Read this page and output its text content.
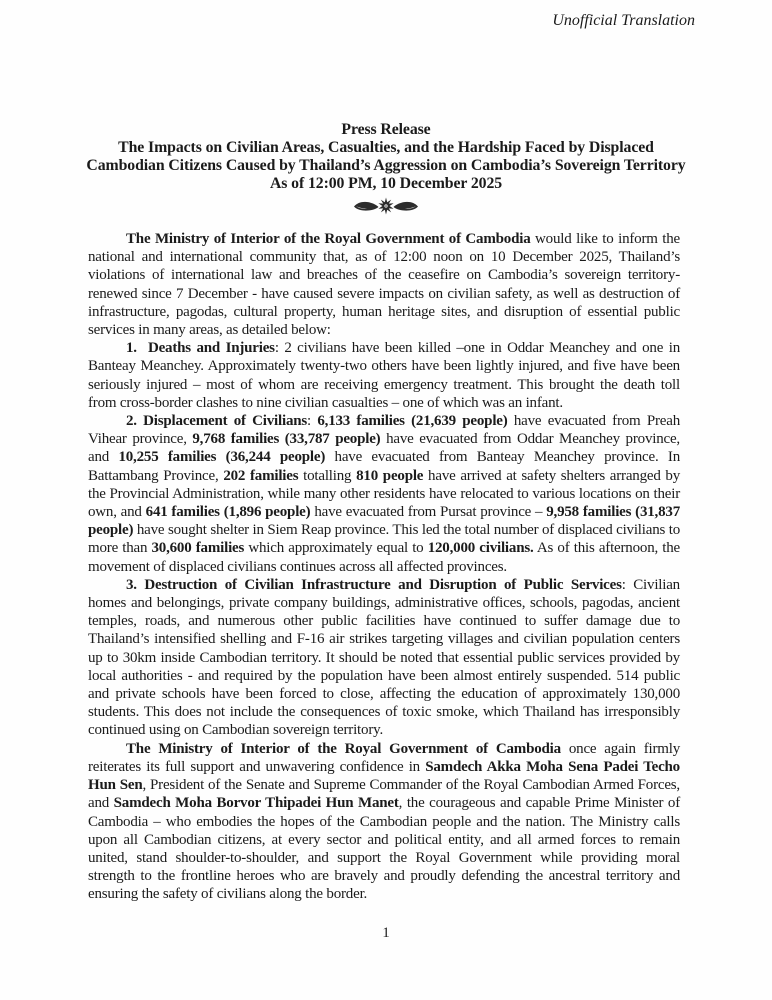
Unofficial Translation
Press Release
The Impacts on Civilian Areas, Casualties, and the Hardship Faced by Displaced
Cambodian Citizens Caused by Thailand’s Aggression on Cambodia’s Sovereign Territory
As of 12:00 PM, 10 December 2025

The Ministry of Interior of the Royal Government of Cambodia would like to inform the national and international community that, as of 12:00 noon on 10 December 2025, Thailand’s violations of international law and breaches of the ceasefire on Cambodia’s sovereign territory-renewed since 7 December - have caused severe impacts on civilian safety, as well as destruction of infrastructure, pagodas, cultural property, human heritage sites, and disruption of essential public services in many areas, as detailed below:

1.  Deaths and Injuries: 2 civilians have been killed –one in Oddar Meanchey and one in Banteay Meanchey. Approximately twenty-two others have been lightly injured, and five have been seriously injured – most of whom are receiving emergency treatment. This brought the death toll from cross-border clashes to nine civilian casualties – one of which was an infant.

2. Displacement of Civilians: 6,133 families (21,639 people) have evacuated from Preah Vihear province, 9,768 families (33,787 people) have evacuated from Oddar Meanchey province, and 10,255 families (36,244 people) have evacuated from Banteay Meanchey province. In Battambang Province, 202 families totalling 810 people have arrived at safety shelters arranged by the Provincial Administration, while many other residents have relocated to various locations on their own, and 641 families (1,896 people) have evacuated from Pursat province – 9,958 families (31,837 people) have sought shelter in Siem Reap province. This led the total number of displaced civilians to more than 30,600 families which approximately equal to 120,000 civilians. As of this afternoon, the movement of displaced civilians continues across all affected provinces.

3. Destruction of Civilian Infrastructure and Disruption of Public Services: Civilian homes and belongings, private company buildings, administrative offices, schools, pagodas, ancient temples, roads, and numerous other public facilities have continued to suffer damage due to Thailand’s intensified shelling and F-16 air strikes targeting villages and civilian population centers up to 30km inside Cambodian territory. It should be noted that essential public services provided by local authorities - and required by the population have been almost entirely suspended. 514 public and private schools have been forced to close, affecting the education of approximately 130,000 students. This does not include the consequences of toxic smoke, which Thailand has irresponsibly continued using on Cambodian sovereign territory.

The Ministry of Interior of the Royal Government of Cambodia once again firmly reiterates its full support and unwavering confidence in Samdech Akka Moha Sena Padei Techo Hun Sen, President of the Senate and Supreme Commander of the Royal Cambodian Armed Forces, and Samdech Moha Borvor Thipadei Hun Manet, the courageous and capable Prime Minister of Cambodia – who embodies the hopes of the Cambodian people and the nation. The Ministry calls upon all Cambodian citizens, at every sector and political entity, and all armed forces to remain united, stand shoulder-to-shoulder, and support the Royal Government while providing moral strength to the frontline heroes who are bravely and proudly defending the ancestral territory and ensuring the safety of civilians along the border.

1
